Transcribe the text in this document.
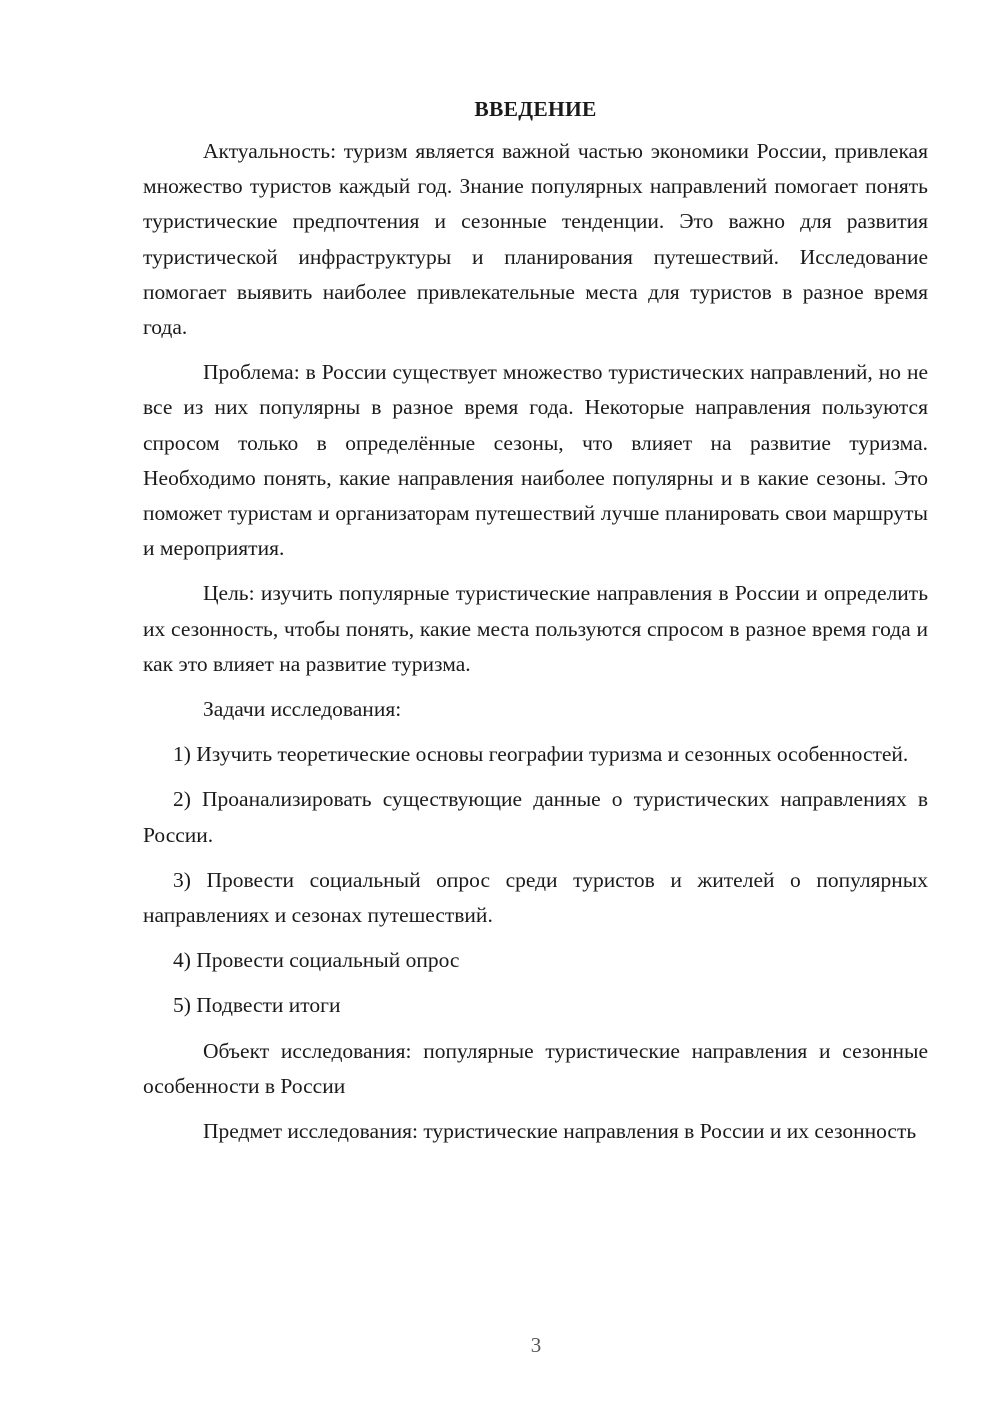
ВВЕДЕНИЕ

Актуальность: туризм является важной частью экономики России, привлекая множество туристов каждый год. Знание популярных направлений помогает понять туристические предпочтения и сезонные тенденции. Это важно для развития туристической инфраструктуры и планирования путешествий. Исследование помогает выявить наиболее привлекательные места для туристов в разное время года.

Проблема: в России существует множество туристических направлений, но не все из них популярны в разное время года. Некоторые направления пользуются спросом только в определённые сезоны, что влияет на развитие туризма. Необходимо понять, какие направления наиболее популярны и в какие сезоны. Это поможет туристам и организаторам путешествий лучше планировать свои маршруты и мероприятия.

Цель: изучить популярные туристические направления в России и определить их сезонность, чтобы понять, какие места пользуются спросом в разное время года и как это влияет на развитие туризма.

Задачи исследования:

1) Изучить теоретические основы географии туризма и сезонных особенностей.

2) Проанализировать существующие данные о туристических направлениях в России.

3) Провести социальный опрос среди туристов и жителей о популярных направлениях и сезонах путешествий.

4) Провести социальный опрос

5) Подвести итоги

Объект исследования: популярные туристические направления и сезонные особенности в России

Предмет исследования: туристические направления в России и их сезонность

3
